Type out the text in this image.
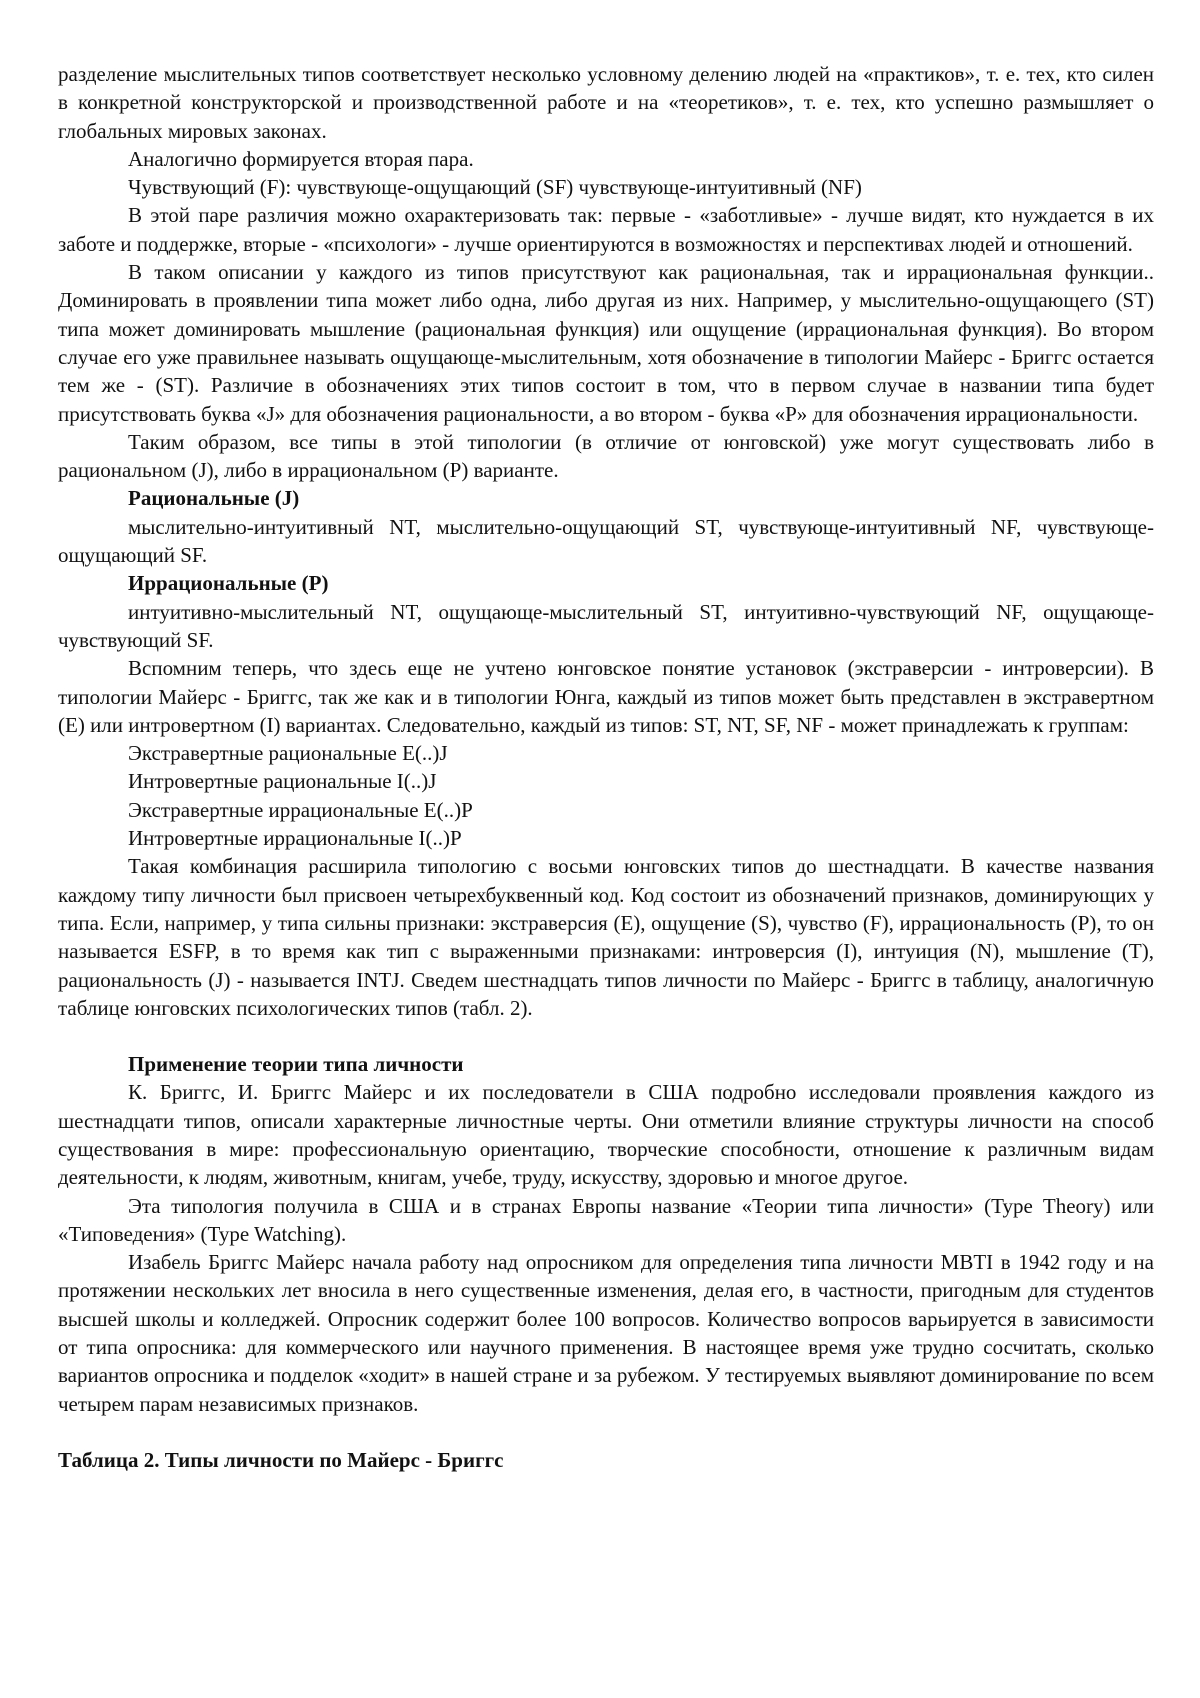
разделение мыслительных типов соответствует несколько условному делению людей на «практиков», т. е. тех, кто силен в конкретной конструкторской и производственной работе и на «теоретиков», т. е. тех, кто успешно размышляет о глобальных мировых законах.

Аналогично формируется вторая пара.

Чувствующий (F): чувствующе-ощущающий (SF) чувствующе-интуитивный (NF)

В этой паре различия можно охарактеризовать так: первые - «заботливые» - лучше видят, кто нуждается в их заботе и поддержке, вторые - «психологи» - лучше ориентируются в возможностях и перспективах людей и отношений.

В таком описании у каждого из типов присутствуют как рациональная, так и иррациональная функции.. Доминировать в проявлении типа может либо одна, либо другая из них. Например, у мыслительно-ощущающего (ST) типа может доминировать мышление (рациональная функция) или ощущение (иррациональная функция). Во втором случае его уже правильнее называть ощущающе-мыслительным, хотя обозначение в типологии Майерс - Бриггс остается тем же - (ST). Различие в обозначениях этих типов состоит в том, что в первом случае в названии типа будет присутствовать буква «J» для обозначения рациональности, а во втором - буква «P» для обозначения иррациональности.

Таким образом, все типы в этой типологии (в отличие от юнговской) уже могут существовать либо в рациональном (J), либо в иррациональном (P) варианте.

Рациональные (J)

мыслительно-интуитивный NT, мыслительно-ощущающий ST, чувствующе-интуитивный NF, чувствующе-ощущающий SF.

Иррациональные (P)

интуитивно-мыслительный NT, ощущающе-мыслительный ST, интуитивно-чувствующий NF, ощущающе-чувствующий SF.

Вспомним теперь, что здесь еще не учтено юнговское понятие установок (экстраверсии - интроверсии). В типологии Майерс - Бриггс, так же как и в типологии Юнга, каждый из типов может быть представлен в экстравертном (E) или интровертном (I) вариантах. Следовательно, каждый из типов: ST, NT, SF, NF - может принадлежать к группам:

Экстравертные рациональные E(..)J

Интровертные рациональные I(..)J

Экстравертные иррациональные E(..)P

Интровертные иррациональные I(..)P

Такая комбинация расширила типологию с восьми юнговских типов до шестнадцати. В качестве названия каждому типу личности был присвоен четырехбуквенный код. Код состоит из обозначений признаков, доминирующих у типа. Если, например, у типа сильны признаки: экстраверсия (E), ощущение (S), чувство (F), иррациональность (P), то он называется ESFP, в то время как тип с выраженными признаками: интроверсия (I), интуиция (N), мышление (T), рациональность (J) - называется INTJ. Сведем шестнадцать типов личности по Майерс - Бриггс в таблицу, аналогичную таблице юнговских психологических типов (табл. 2).

Применение теории типа личности

К. Бриггс, И. Бриггс Майерс и их последователи в США подробно исследовали проявления каждого из шестнадцати типов, описали характерные личностные черты. Они отметили влияние структуры личности на способ существования в мире: профессиональную ориентацию, творческие способности, отношение к различным видам деятельности, к людям, животным, книгам, учебе, труду, искусству, здоровью и многое другое.

Эта типология получила в США и в странах Европы название «Теории типа личности» (Type Theory) или «Типоведения» (Type Watching).

Изабель Бриггс Майерс начала работу над опросником для определения типа личности MBTI в 1942 году и на протяжении нескольких лет вносила в него существенные изменения, делая его, в частности, пригодным для студентов высшей школы и колледжей. Опросник содержит более 100 вопросов. Количество вопросов варьируется в зависимости от типа опросника: для коммерческого или научного применения. В настоящее время уже трудно сосчитать, сколько вариантов опросника и подделок «ходит» в нашей стране и за рубежом. У тестируемых выявляют доминирование по всем четырем парам независимых признаков.

Таблица 2. Типы личности по Майерс - Бриггс
